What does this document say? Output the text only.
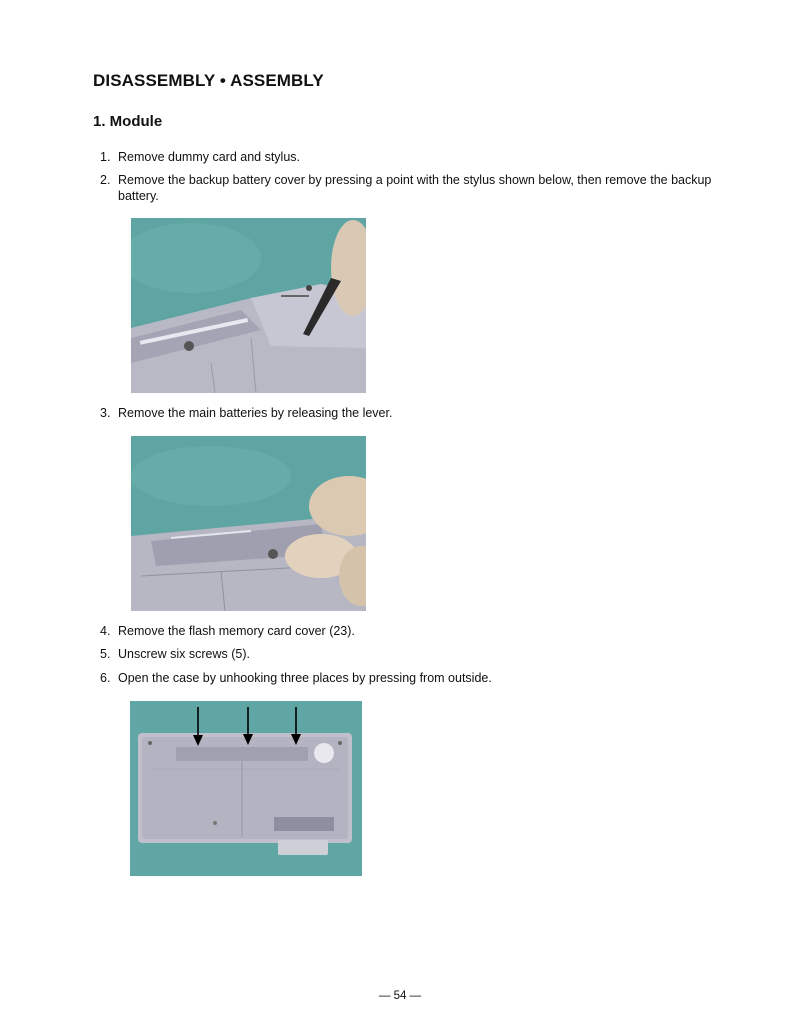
DISASSEMBLY • ASSEMBLY
1. Module
1. Remove dummy card and stylus.
2. Remove the backup battery cover by pressing a point with the stylus shown below, then remove the backup battery.
3. Remove the main batteries by releasing the lever.
4. Remove the flash memory card cover (23).
5. Unscrew six screws (5).
6. Open the case by unhooking three places by pressing from outside.
— 54 —
